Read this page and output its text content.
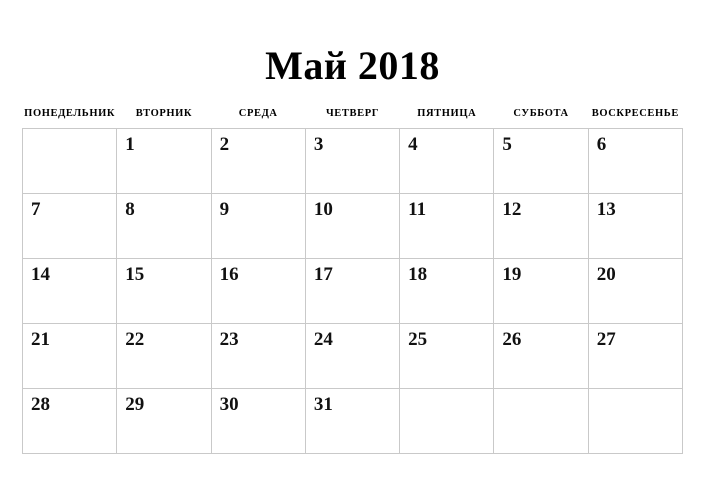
Май 2018
ПОНЕДЕЛЬНИК	ВТОРНИК	СРЕДА	ЧЕТВЕРГ	ПЯТНИЦА	СУББОТА	ВОСКРЕСЕНЬЕ

	1	2	3	4	5	6

7	8	9	10	11	12	13

14	15	16	17	18	19	20

21	22	23	24	25	26	27

28	29	30	31			
